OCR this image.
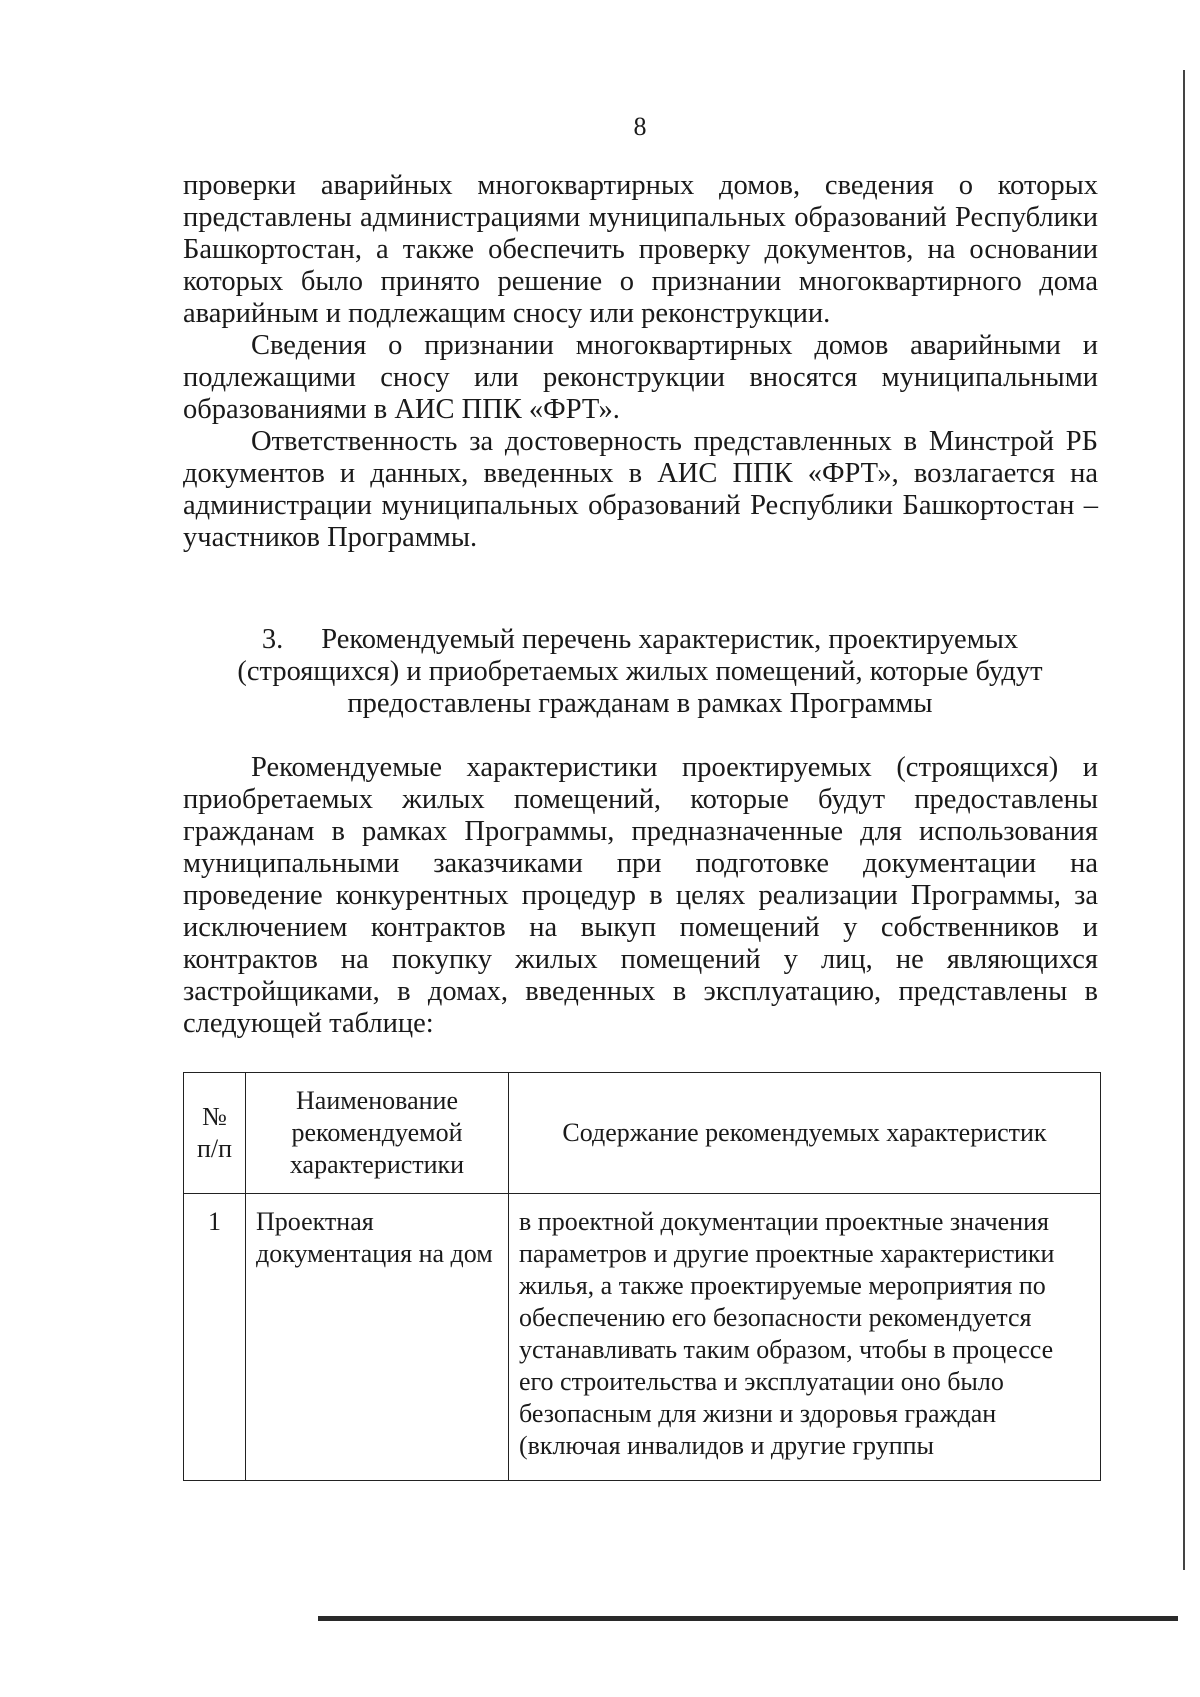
8

проверки аварийных многоквартирных домов, сведения о которых представлены администрациями муниципальных образований Республики Башкортостан, а также обеспечить проверку документов, на основании которых было принято решение о признании многоквартирного дома аварийным и подлежащим сносу или реконструкции.

Сведения о признании многоквартирных домов аварийными и подлежащими сносу или реконструкции вносятся муниципальными образованиями в АИС ППК «ФРТ».

Ответственность за достоверность представленных в Минстрой РБ документов и данных, введенных в АИС ППК «ФРТ», возлагается на администрации муниципальных образований Республики Башкортостан – участников Программы.

3. Рекомендуемый перечень характеристик, проектируемых (строящихся) и приобретаемых жилых помещений, которые будут предоставлены гражданам в рамках Программы

Рекомендуемые характеристики проектируемых (строящихся) и приобретаемых жилых помещений, которые будут предоставлены гражданам в рамках Программы, предназначенные для использования муниципальными заказчиками при подготовке документации на проведение конкурентных процедур в целях реализации Программы, за исключением контрактов на выкуп помещений у собственников и контрактов на покупку жилых помещений у лиц, не являющихся застройщиками, в домах, введенных в эксплуатацию, представлены в следующей таблице:

№ п/п	Наименование рекомендуемой характеристики	Содержание рекомендуемых характеристик
1	Проектная документация на дом	в проектной документации проектные значения параметров и другие проектные характеристики жилья, а также проектируемые мероприятия по обеспечению его безопасности рекомендуется устанавливать таким образом, чтобы в процессе его строительства и эксплуатации оно было безопасным для жизни и здоровья граждан (включая инвалидов и другие группы
